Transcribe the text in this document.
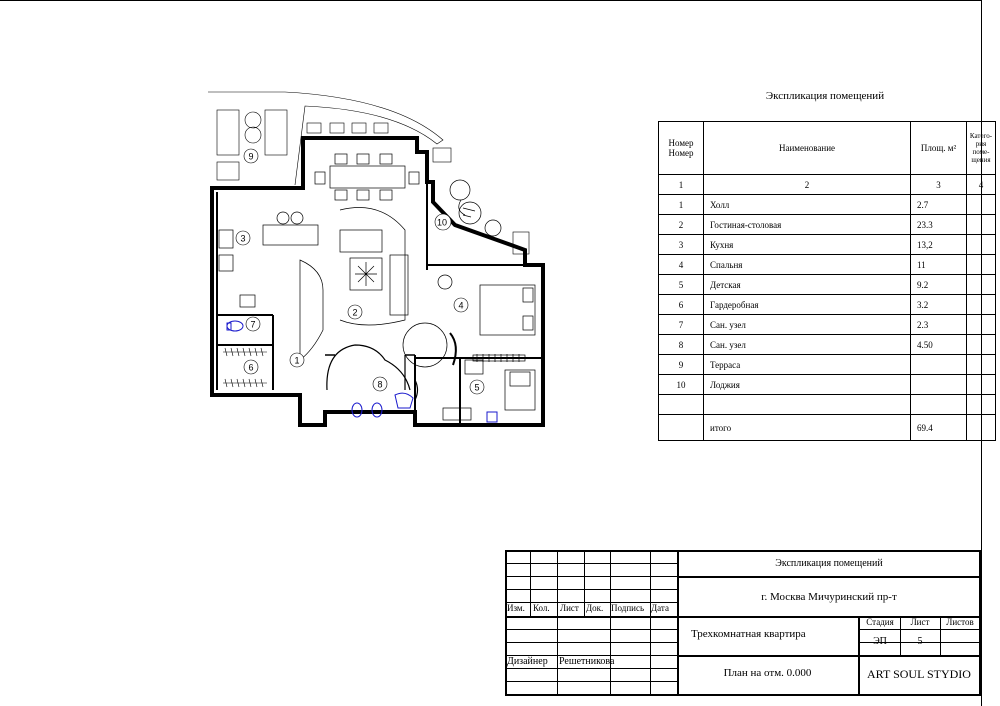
1
2
3
4
5
6
7
8
9
10
Экспликация помещений
Номер
Номер	Наименование	Площ. м²	Катего-рия поме-щения
1	2	3	4
1	Холл	2.7	
2	Гостиная-столовая	23.3	
3	Кухня	13,2	
4	Спальня	11	
5	Детская	9.2	
6	Гардеробная	3.2	
7	Сан. узел	2.3	
8	Сан. узел	4.50	
9	Терраса		
10	Лоджия		

	итого	69.4	
Изм. Кол. Лист Док. Подпись Дата
Дизайнер Решетникова
Экспликация помещений
г. Москва Мичуринский пр-т
Трехкомнатная квартира
План на отм. 0.000
Стадия	Лист	Листов
ЭП	5
ART SOUL STYDIO
